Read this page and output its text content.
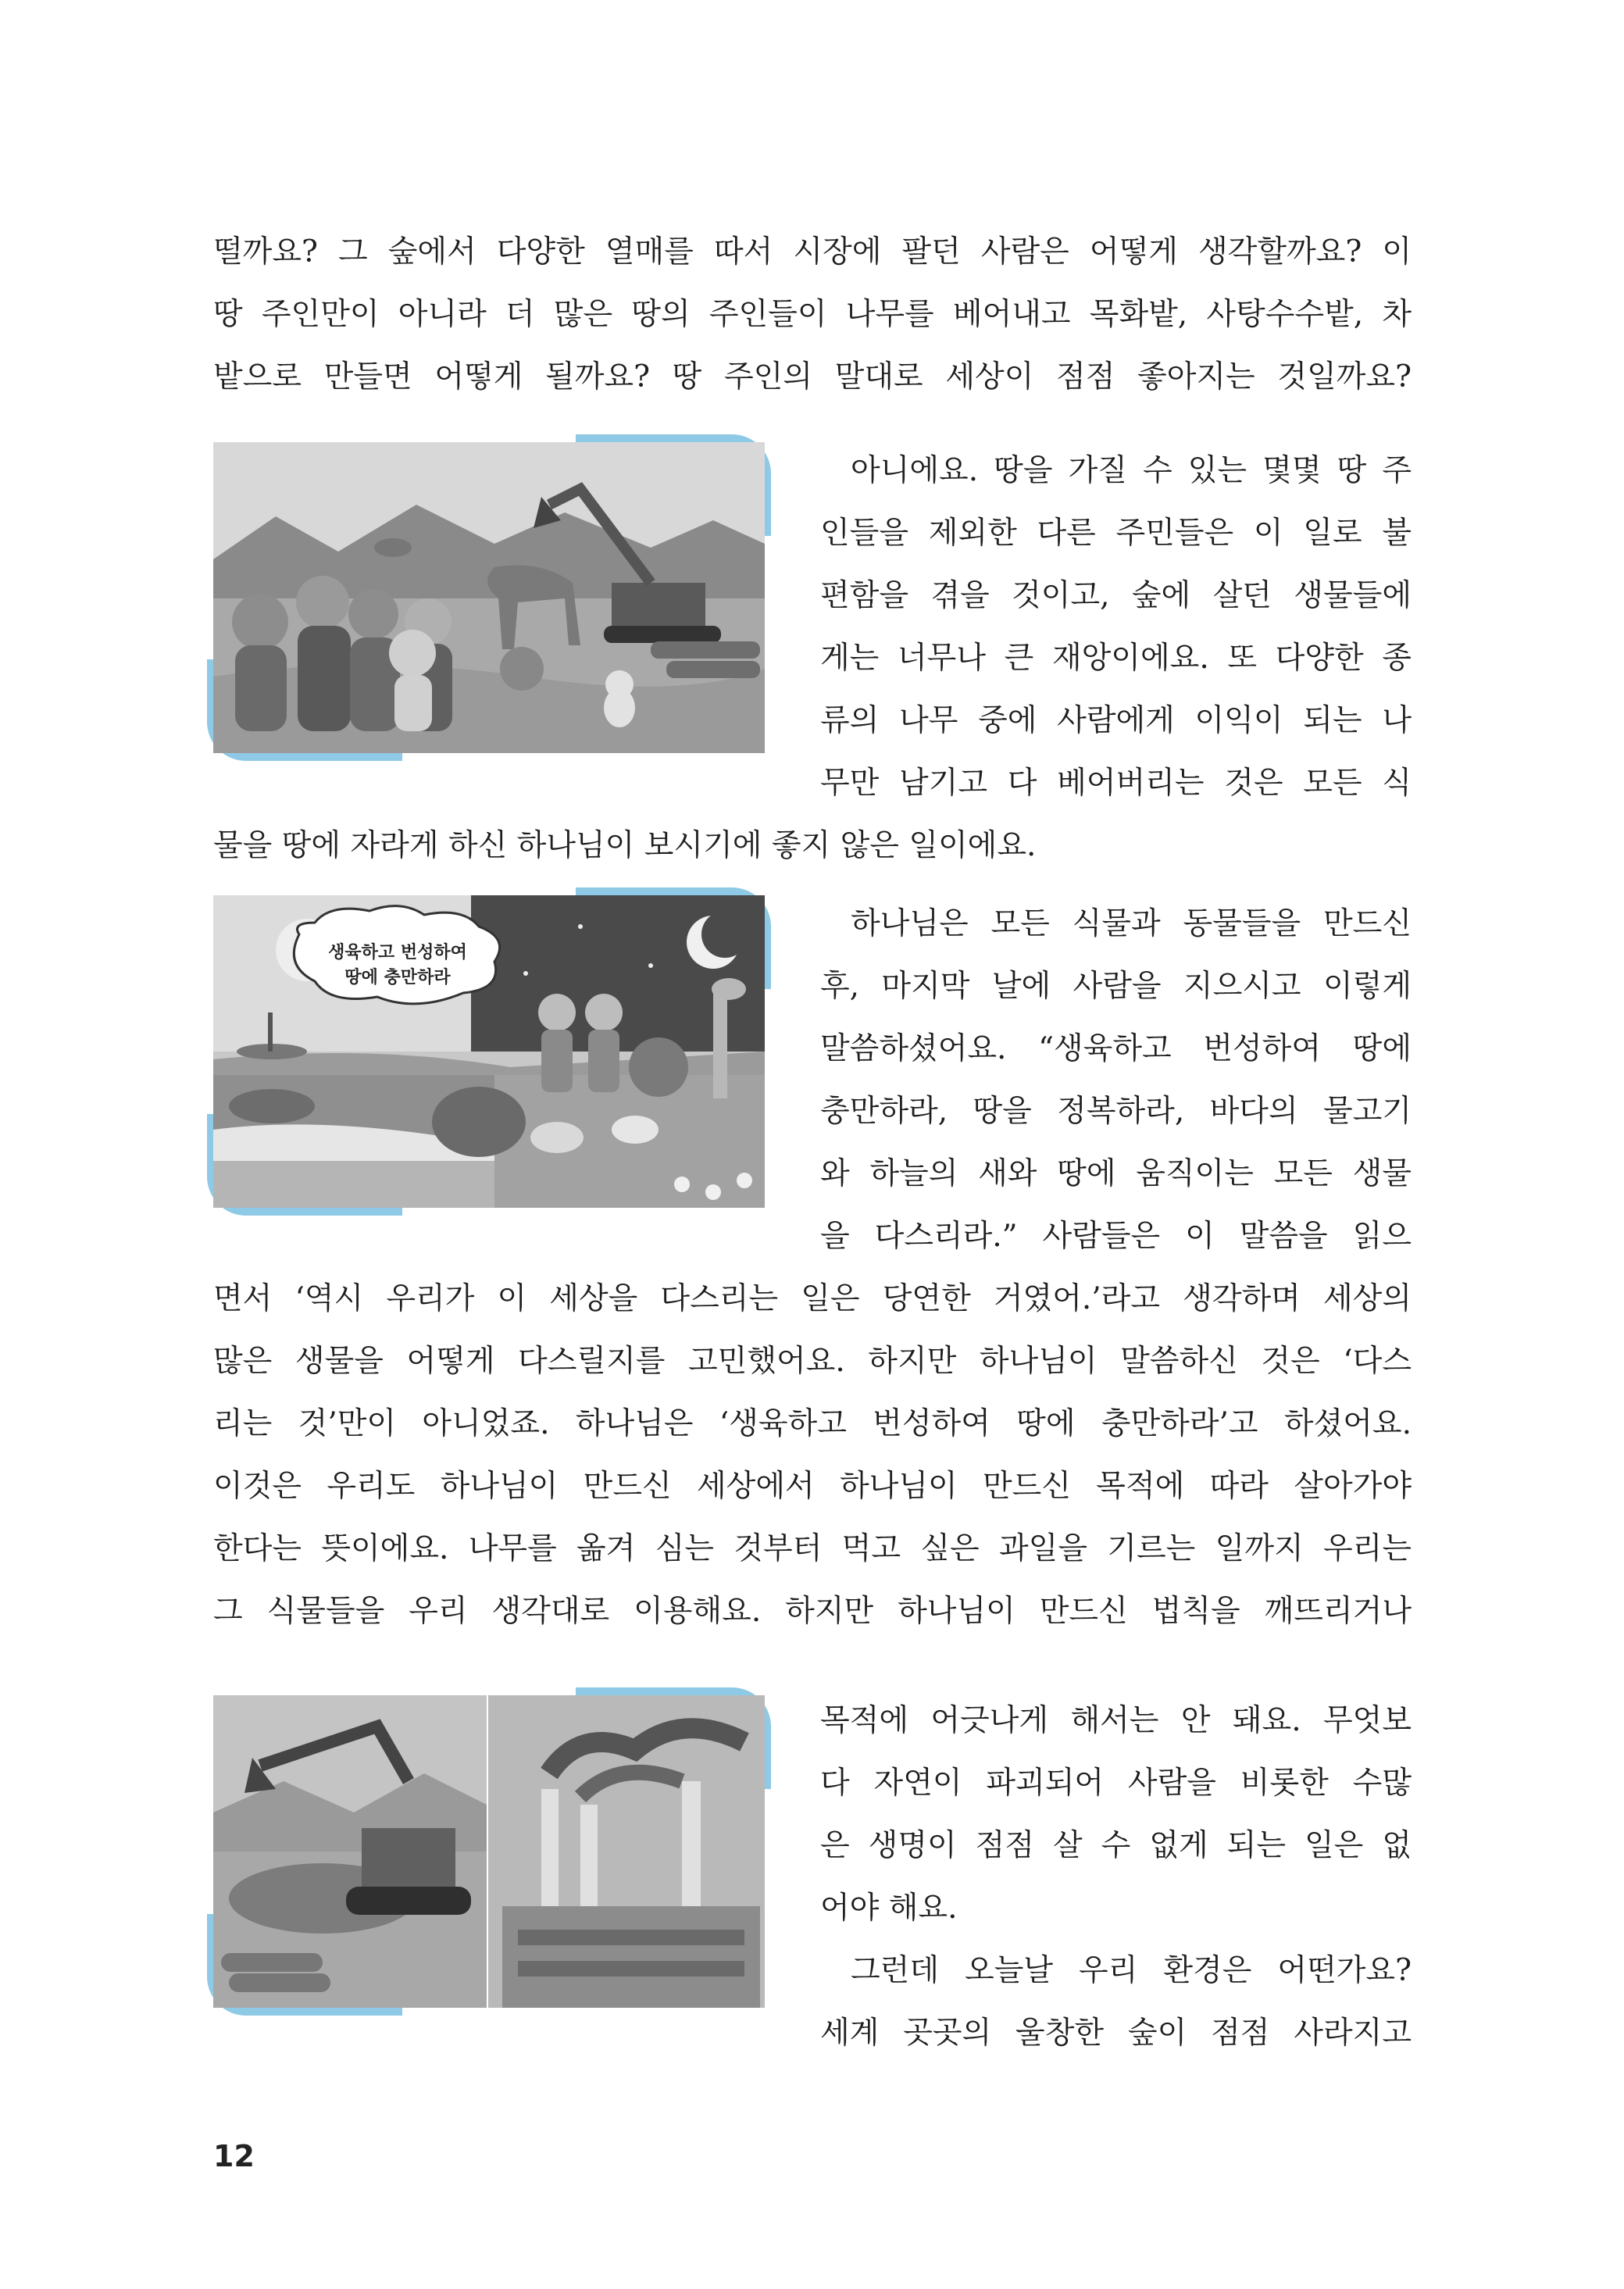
떨까요? 그 숲에서 다양한 열매를 따서 시장에 팔던 사람은 어떻게 생각할까요? 이
땅 주인만이 아니라 더 많은 땅의 주인들이 나무를 베어내고 목화밭, 사탕수수밭, 차
밭으로 만들면 어떻게 될까요? 땅 주인의 말대로 세상이 점점 좋아지는 것일까요?
아니에요. 땅을 가질 수 있는 몇몇 땅 주
인들을 제외한 다른 주민들은 이 일로 불
편함을 겪을 것이고, 숲에 살던 생물들에
게는 너무나 큰 재앙이에요. 또 다양한 종
류의 나무 중에 사람에게 이익이 되는 나
무만 남기고 다 베어버리는 것은 모든 식
물을 땅에 자라게 하신 하나님이 보시기에 좋지 않은 일이에요.
생육하고 번성하여
땅에 충만하라
하나님은 모든 식물과 동물들을 만드신
후, 마지막 날에 사람을 지으시고 이렇게
말씀하셨어요. “생육하고 번성하여 땅에
충만하라, 땅을 정복하라, 바다의 물고기
와 하늘의 새와 땅에 움직이는 모든 생물
을 다스리라.” 사람들은 이 말씀을 읽으
면서 ‘역시 우리가 이 세상을 다스리는 일은 당연한 거였어.’라고 생각하며 세상의
많은 생물을 어떻게 다스릴지를 고민했어요. 하지만 하나님이 말씀하신 것은 ‘다스
리는 것’만이 아니었죠. 하나님은 ‘생육하고 번성하여 땅에 충만하라’고 하셨어요.
이것은 우리도 하나님이 만드신 세상에서 하나님이 만드신 목적에 따라 살아가야
한다는 뜻이에요. 나무를 옮겨 심는 것부터 먹고 싶은 과일을 기르는 일까지 우리는
그 식물들을 우리 생각대로 이용해요. 하지만 하나님이 만드신 법칙을 깨뜨리거나
목적에 어긋나게 해서는 안 돼요. 무엇보
다 자연이 파괴되어 사람을 비롯한 수많
은 생명이 점점 살 수 없게 되는 일은 없
어야 해요.
그런데 오늘날 우리 환경은 어떤가요?
세계 곳곳의 울창한 숲이 점점 사라지고
12
